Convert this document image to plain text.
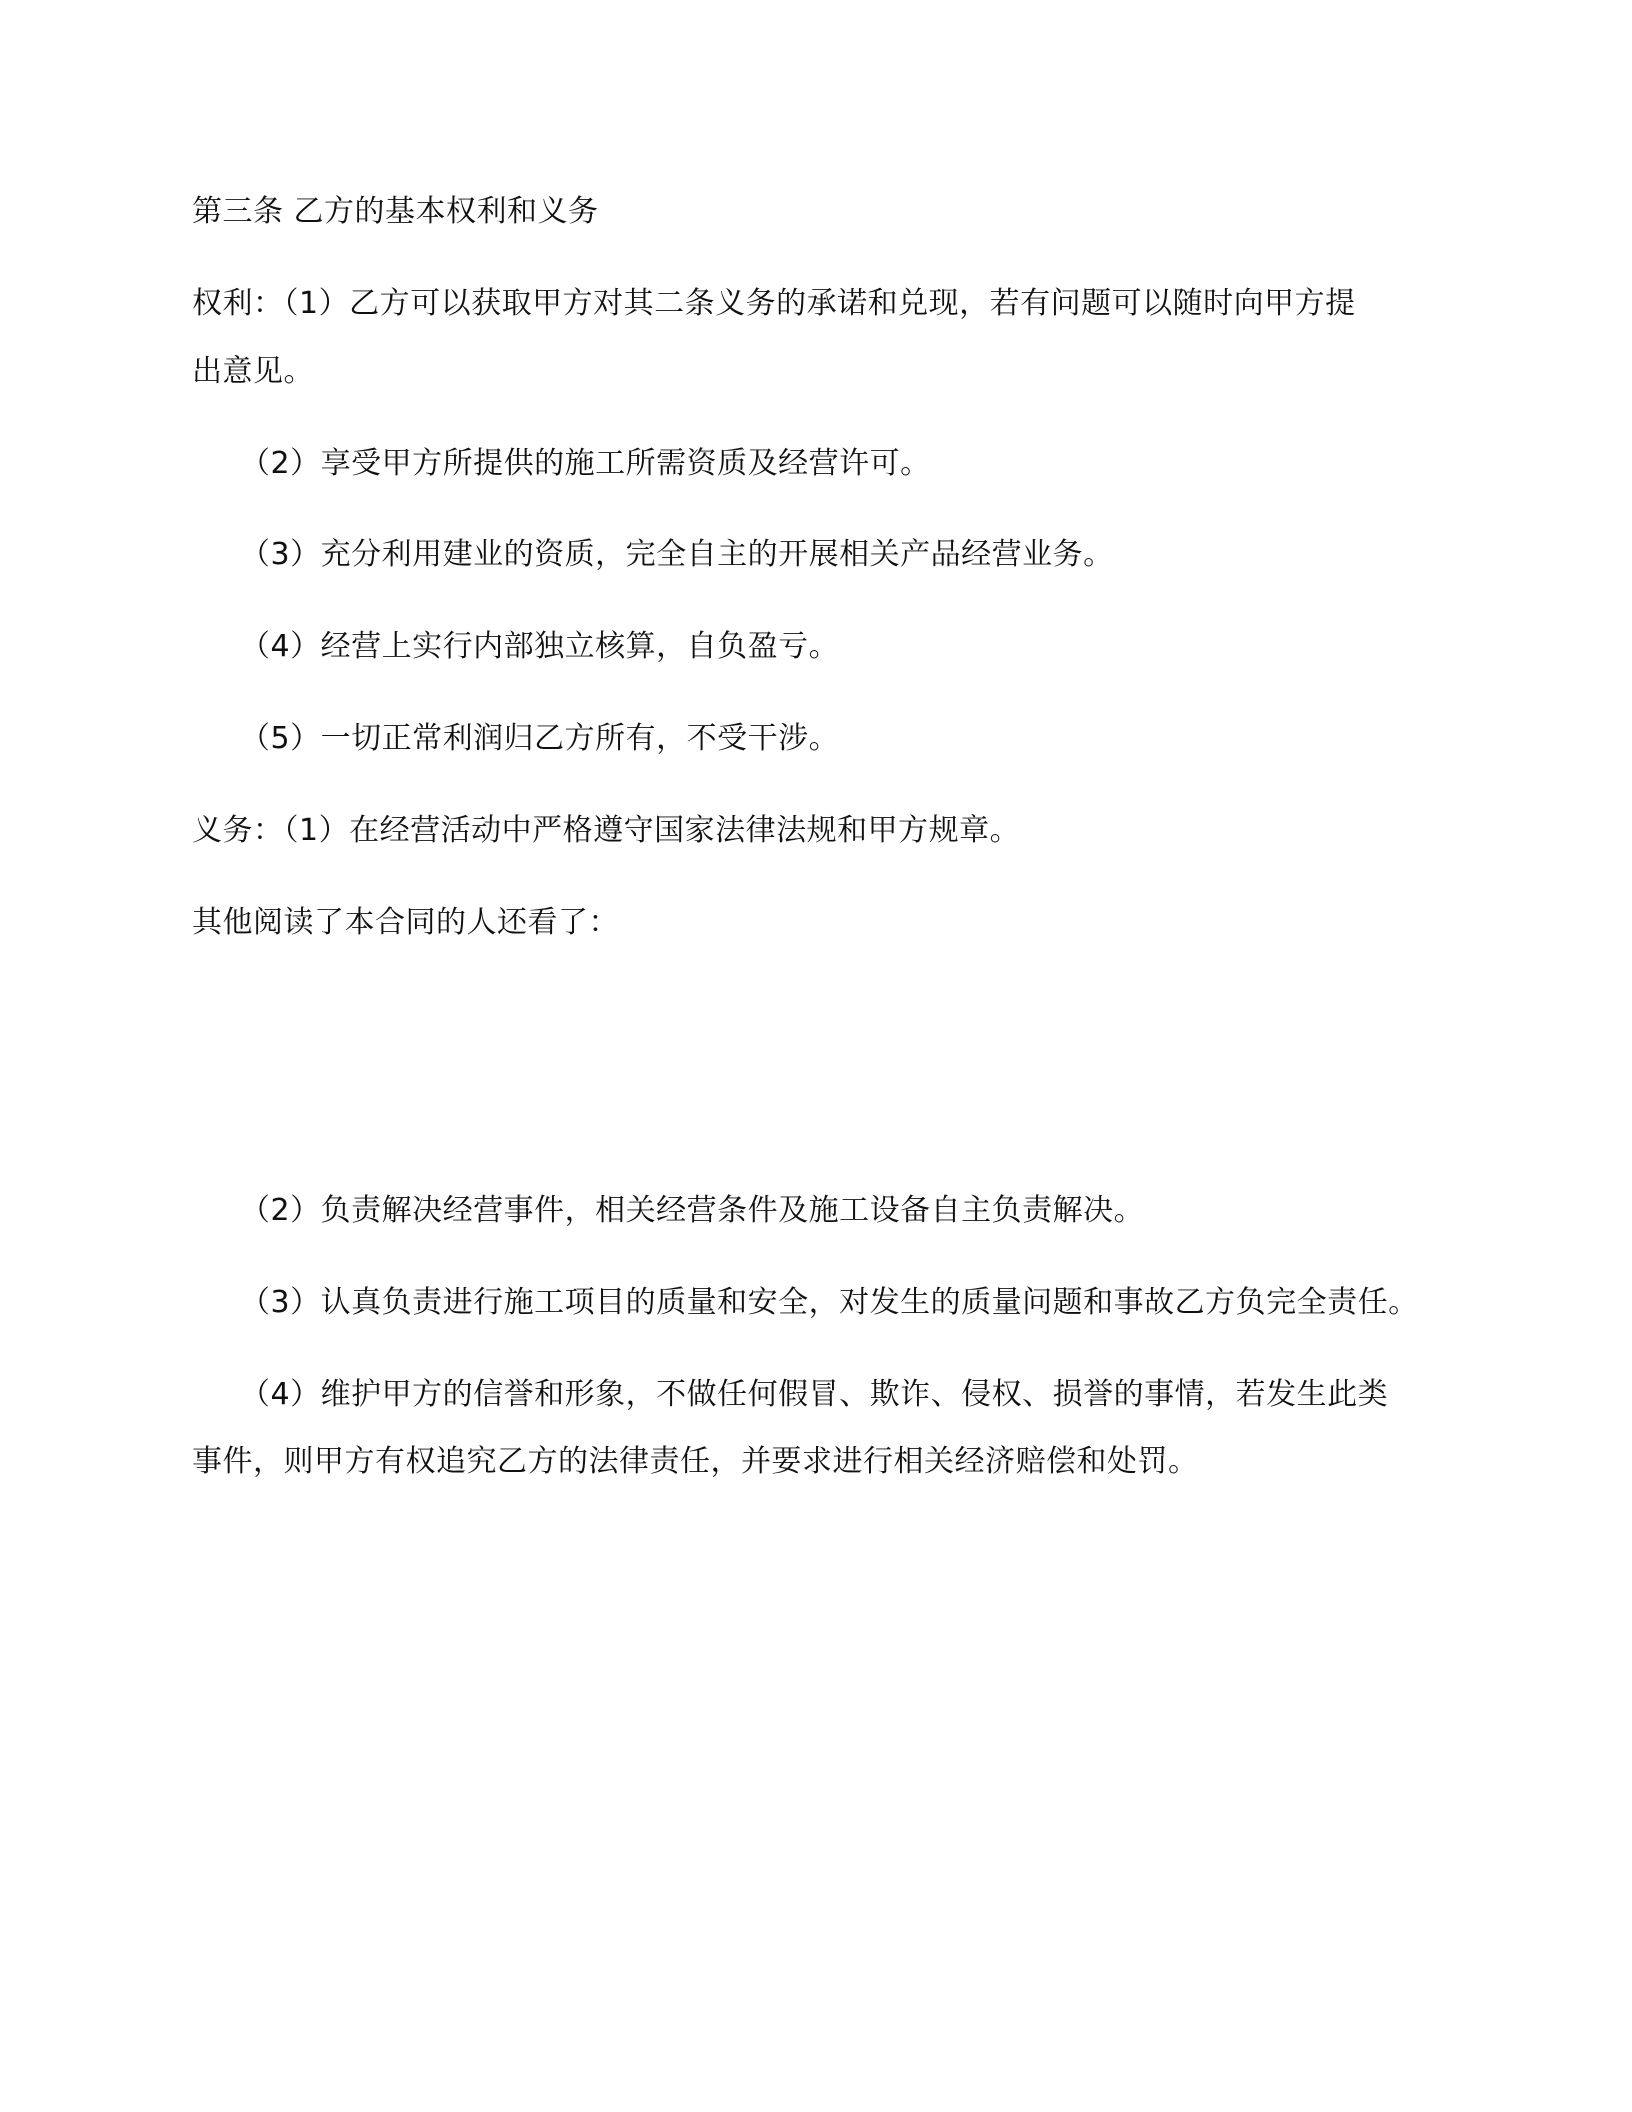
第三条 乙方的基本权利和义务
权利：（1）乙方可以获取甲方对其二条义务的承诺和兑现，若有问题可以随时向甲方提
出意见。
（2）享受甲方所提供的施工所需资质及经营许可。
（3）充分利用建业的资质，完全自主的开展相关产品经营业务。
（4）经营上实行内部独立核算，自负盈亏。
（5）一切正常利润归乙方所有，不受干涉。
义务：（1）在经营活动中严格遵守国家法律法规和甲方规章。
其他阅读了本合同的人还看了：
（2）负责解决经营事件，相关经营条件及施工设备自主负责解决。
（3）认真负责进行施工项目的质量和安全，对发生的质量问题和事故乙方负完全责任。
（4）维护甲方的信誉和形象，不做任何假冒、欺诈、侵权、损誉的事情，若发生此类
事件，则甲方有权追究乙方的法律责任，并要求进行相关经济赔偿和处罚。
